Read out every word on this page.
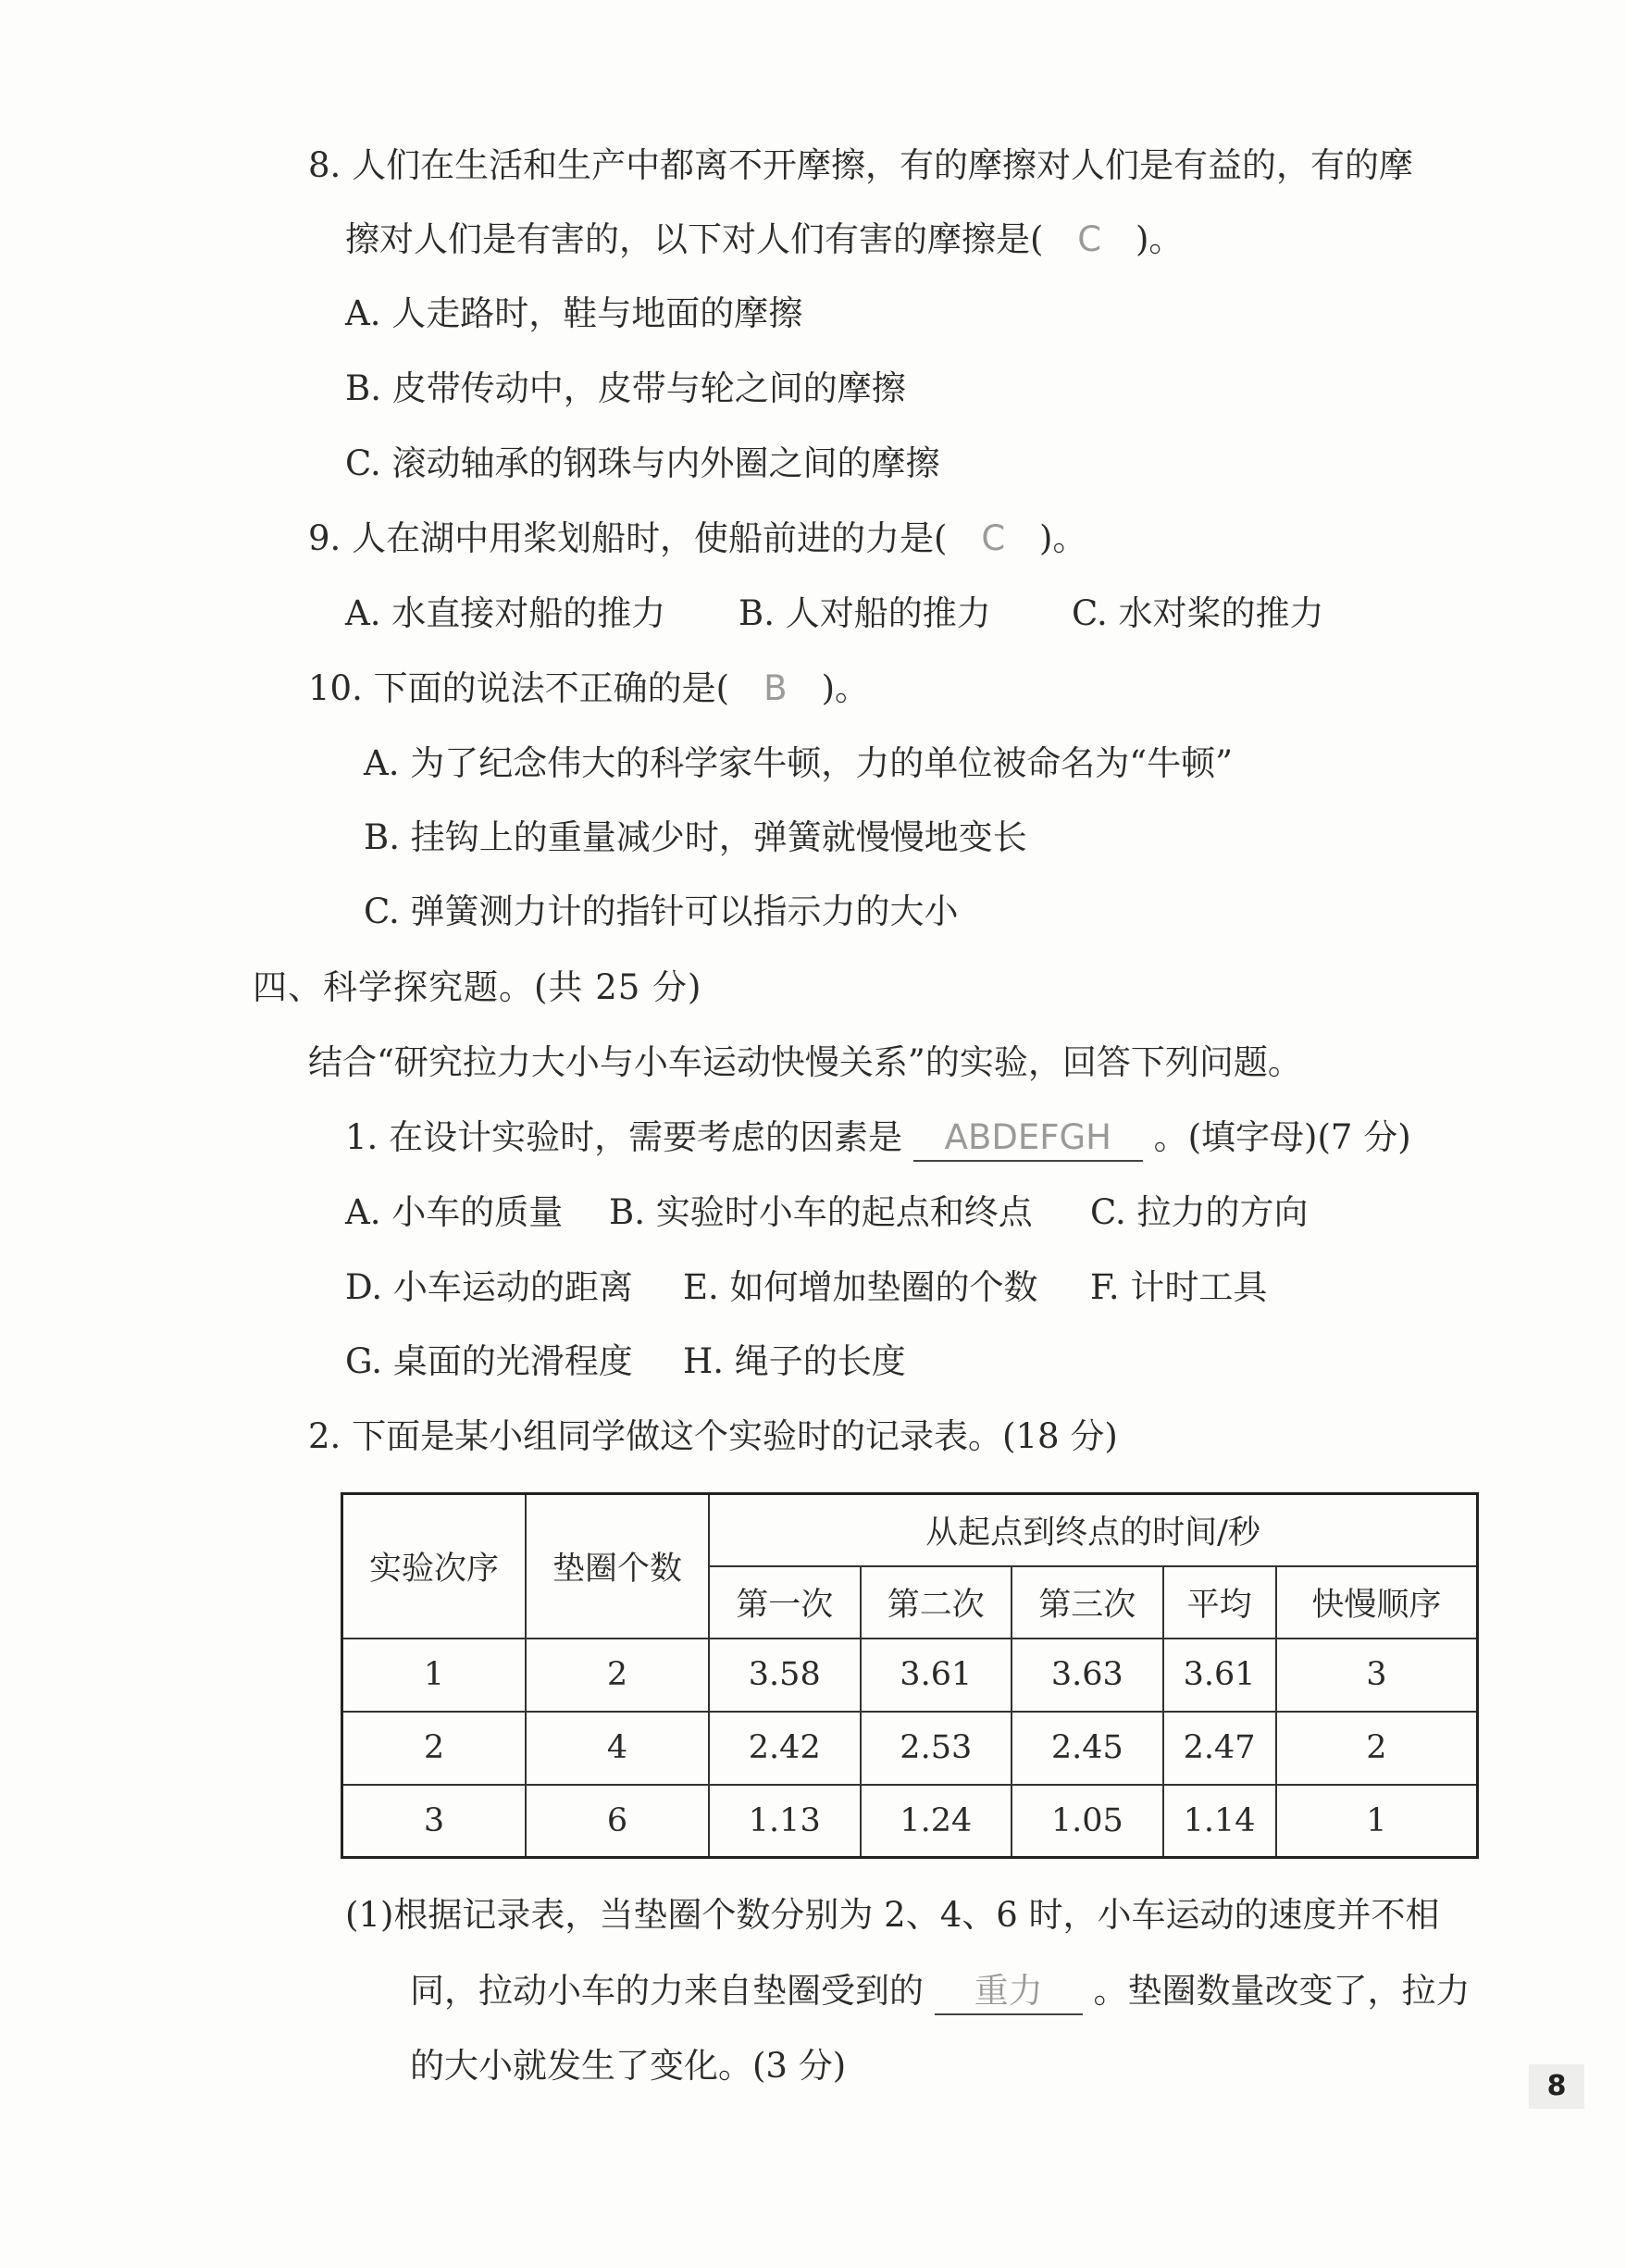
8. 人们在生活和生产中都离不开摩擦，有的摩擦对人们是有益的，有的摩
擦对人们是有害的，以下对人们有害的摩擦是( C )。
A. 人走路时，鞋与地面的摩擦
B. 皮带传动中，皮带与轮之间的摩擦
C. 滚动轴承的钢珠与内外圈之间的摩擦
9. 人在湖中用桨划船时，使船前进的力是( C )。
A. 水直接对船的推力 B. 人对船的推力 C. 水对桨的推力
10. 下面的说法不正确的是( B )。
A. 为了纪念伟大的科学家牛顿，力的单位被命名为“牛顿”
B. 挂钩上的重量减少时，弹簧就慢慢地变长
C. 弹簧测力计的指针可以指示力的大小
四、科学探究题。(共 25 分)
结合“研究拉力大小与小车运动快慢关系”的实验，回答下列问题。
1. 在设计实验时，需要考虑的因素是 ABDEFGH 。(填字母)(7 分)
A. 小车的质量 B. 实验时小车的起点和终点 C. 拉力的方向
D. 小车运动的距离 E. 如何增加垫圈的个数 F. 计时工具
G. 桌面的光滑程度 H. 绳子的长度
2. 下面是某小组同学做这个实验时的记录表。(18 分)
实验次序	垫圈个数	从起点到终点的时间/秒				
		第一次	第二次	第三次	平均	快慢顺序
1	2	3.58	3.61	3.63	3.61	3
2	4	2.42	2.53	2.45	2.47	2
3	6	1.13	1.24	1.05	1.14	1
(1)根据记录表，当垫圈个数分别为 2、4、6 时，小车运动的速度并不相
同，拉动小车的力来自垫圈受到的 重力 。垫圈数量改变了，拉力
的大小就发生了变化。(3 分)
8
